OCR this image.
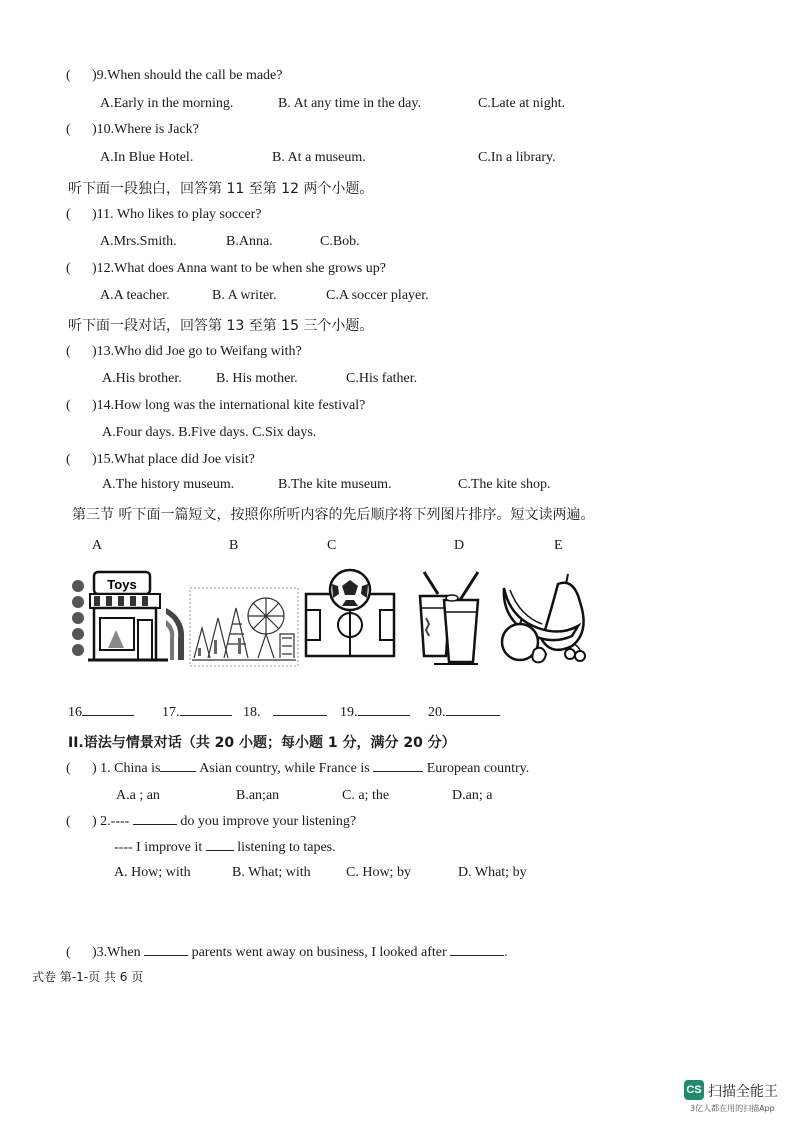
( )9.When should the call be made?
A.Early in the morning.	B. At any time in the day.	C.Late at night.
( )10.Where is Jack?
A.In Blue Hotel.	B. At a museum.	C.In a library.
听下面一段独白，回答第 11 至第 12 两个小题。
( )11. Who likes to play soccer?
A.Mrs.Smith.	B.Anna.	C.Bob.
( )12.What does Anna want to be when she grows up?
A.A teacher.	B. A writer.	C.A soccer player.
听下面一段对话，回答第 13 至第 15 三个小题。
( )13.Who did Joe go to Weifang with?
A.His brother. B. His mother.	C.His father.
( )14.How long was the international kite festival?
A.Four days. B.Five days. C.Six days.
( )15.What place did Joe visit?
A.The history museum.	B.The kite museum.	C.The kite shop.
第三节 听下面一篇短文，按照你所听内容的先后顺序将下列图片排序。短文读两遍。
A	B	C	D	E
Toys
16	17.	18.	19.	20.
II.语法与情景对话（共 20 小题；每小题 1 分，满分 20 分）
( ) 1. China is	Asian country, while France is	European country.
A.a ; an	B.an;an	C. a; the	D.an; a
( ) 2.----	do you improve your listening?
---- I improve it	listening to tapes.
A. How; with	B. What; with	C. How; by	D. What; by
( )3.When	parents went away on business, I looked after	.
式卷 第-1-页 共 6 页
CS 扫描全能王
3亿人都在用的扫描App
